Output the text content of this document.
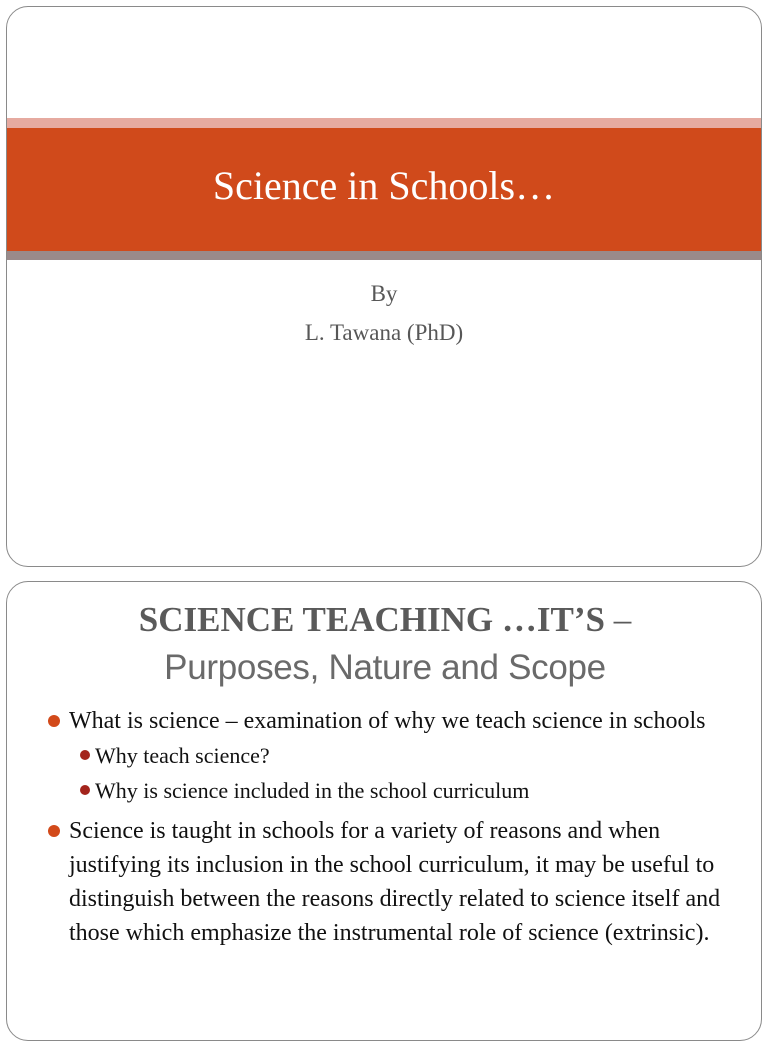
Science in Schools…
By
L. Tawana (PhD)
SCIENCE TEACHING …IT’S –
Purposes, Nature and Scope
What is science – examination of why we teach science in schools
Why teach science?
Why is science included in the school curriculum
Science is taught in schools for a variety of reasons and when justifying its inclusion in the school curriculum, it may be useful to distinguish between the reasons directly related to science itself and those which emphasize the instrumental role of science (extrinsic).
